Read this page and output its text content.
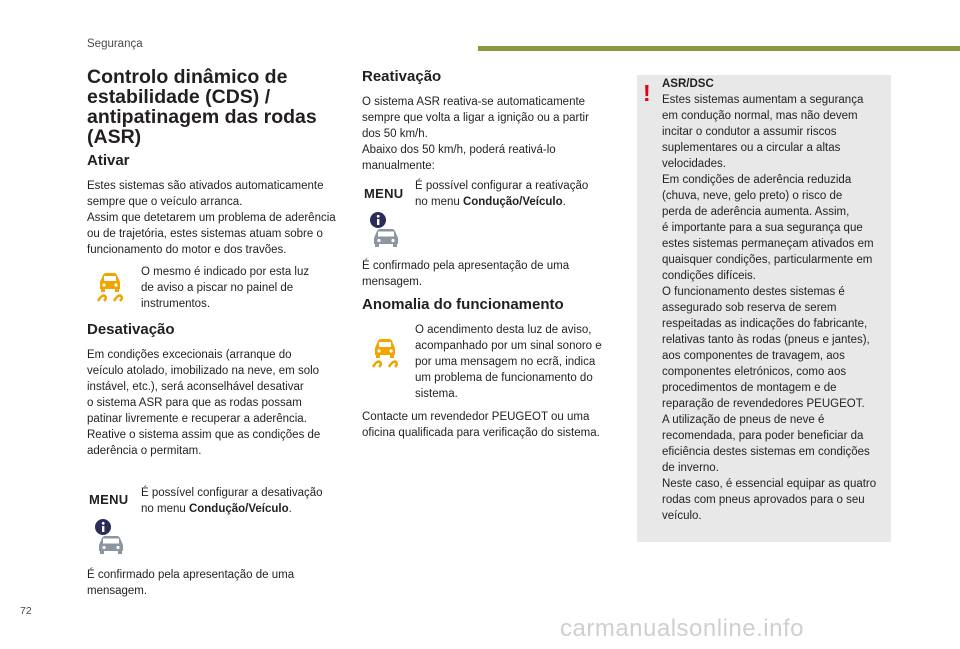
Segurança
Controlo dinâmico de
estabilidade (CDS) /
antipatinagem das rodas
(ASR)
Ativar
Estes sistemas são ativados automaticamente
sempre que o veículo arranca.
Assim que detetarem um problema de aderência
ou de trajetória, estes sistemas atuam sobre o
funcionamento do motor e dos travões.
O mesmo é indicado por esta luz
de aviso a piscar no painel de
instrumentos.
Desativação
Em condições excecionais (arranque do
veículo atolado, imobilizado na neve, em solo
instável, etc.), será aconselhável desativar
o sistema ASR para que as rodas possam
patinar livremente e recuperar a aderência.
Reative o sistema assim que as condições de
aderência o permitam.
MENU É possível configurar a desativação
no menu Condução/Veículo.
É confirmado pela apresentação de uma
mensagem.
Reativação
O sistema ASR reativa-se automaticamente
sempre que volta a ligar a ignição ou a partir
dos 50 km/h.
Abaixo dos 50 km/h, poderá reativá-lo
manualmente:
MENU É possível configurar a reativação
no menu Condução/Veículo.
É confirmado pela apresentação de uma
mensagem.
Anomalia do funcionamento
O acendimento desta luz de aviso,
acompanhado por um sinal sonoro e
por uma mensagem no ecrã, indica
um problema de funcionamento do
sistema.
Contacte um revendedor PEUGEOT ou uma
oficina qualificada para verificação do sistema.
! ASR/DSC
Estes sistemas aumentam a segurança
em condução normal, mas não devem
incitar o condutor a assumir riscos
suplementares ou a circular a altas
velocidades.
Em condições de aderência reduzida
(chuva, neve, gelo preto) o risco de
perda de aderência aumenta. Assim,
é importante para a sua segurança que
estes sistemas permaneçam ativados em
quaisquer condições, particularmente em
condições difíceis.
O funcionamento destes sistemas é
assegurado sob reserva de serem
respeitadas as indicações do fabricante,
relativas tanto às rodas (pneus e jantes),
aos componentes de travagem, aos
componentes eletrónicos, como aos
procedimentos de montagem e de
reparação de revendedores PEUGEOT.
A utilização de pneus de neve é
recomendada, para poder beneficiar da
eficiência destes sistemas em condições
de inverno.
Neste caso, é essencial equipar as quatro
rodas com pneus aprovados para o seu
veículo.
72
carmanualsonline.info
